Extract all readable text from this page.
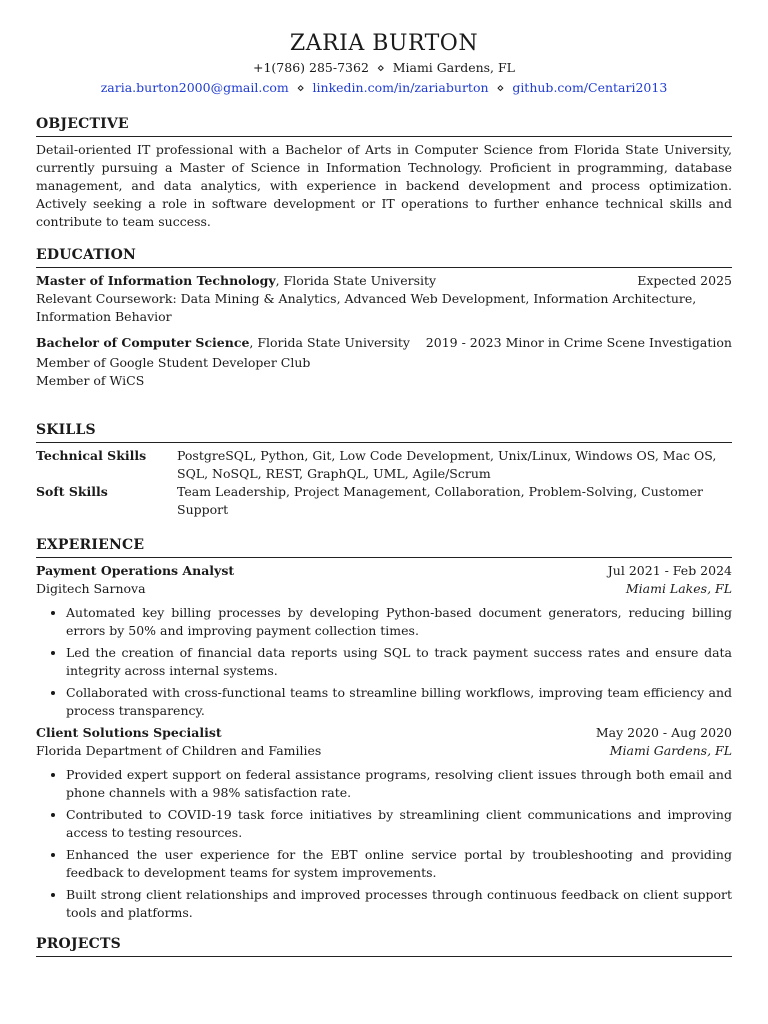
ZARIA BURTON
+1(786) 285-7362 ⋄ Miami Gardens, FL
zaria.burton2000@gmail.com ⋄ linkedin.com/in/zariaburton ⋄ github.com/Centari2013
OBJECTIVE

Detail-oriented IT professional with a Bachelor of Arts in Computer Science from Florida State University, currently pursuing a Master of Science in Information Technology. Proficient in programming, database management, and data analytics, with experience in backend development and process optimization. Actively seeking a role in software development or IT operations to further enhance technical skills and contribute to team success.

EDUCATION
Master of Information Technology, Florida State University	Expected 2025
Relevant Coursework: Data Mining & Analytics, Advanced Web Development, Information Architecture, Information Behavior
Bachelor of Computer Science, Florida State University 2019 - 2023 Minor in Crime Scene Investigation
Member of Google Student Developer Club
Member of WiCS
SKILLS
Technical Skills	PostgreSQL, Python, Git, Low Code Development, Unix/Linux, Windows OS, Mac OS, SQL, NoSQL, REST, GraphQL, UML, Agile/Scrum
Soft Skills	Team Leadership, Project Management, Collaboration, Problem-Solving, Customer Support
EXPERIENCE
Payment Operations Analyst	Jul 2021 - Feb 2024
Digitech Sarnova	Miami Lakes, FL
• Automated key billing processes by developing Python-based document generators, reducing billing errors by 50% and improving payment collection times.
• Led the creation of financial data reports using SQL to track payment success rates and ensure data integrity across internal systems.
• Collaborated with cross-functional teams to streamline billing workflows, improving team efficiency and process transparency.
Client Solutions Specialist	May 2020 - Aug 2020
Florida Department of Children and Families	Miami Gardens, FL
• Provided expert support on federal assistance programs, resolving client issues through both email and phone channels with a 98% satisfaction rate.
• Contributed to COVID-19 task force initiatives by streamlining client communications and improving access to testing resources.
• Enhanced the user experience for the EBT online service portal by troubleshooting and providing feedback to development teams for system improvements.
• Built strong client relationships and improved processes through continuous feedback on client support tools and platforms.
PROJECTS
